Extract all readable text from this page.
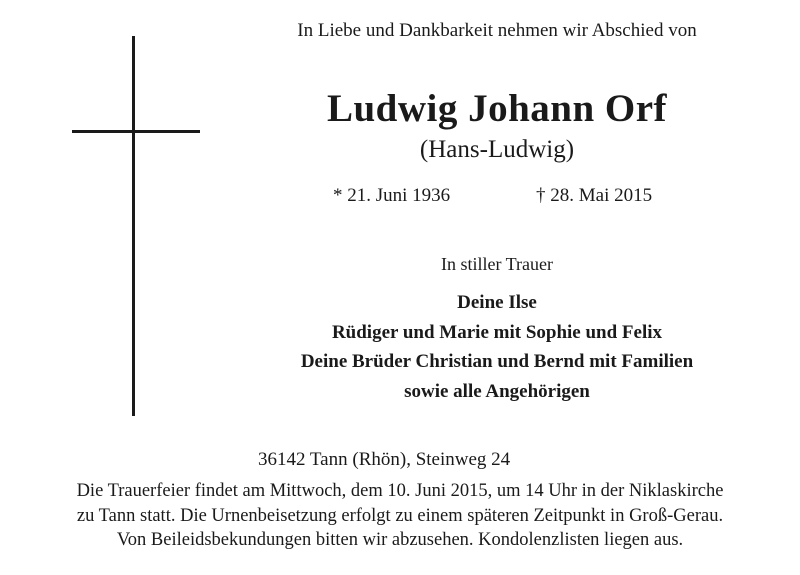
In Liebe und Dankbarkeit nehmen wir Abschied von
Ludwig Johann Orf
(Hans-Ludwig)
* 21. Juni 1936	† 28. Mai 2015
In stiller Trauer
Deine Ilse
Rüdiger und Marie mit Sophie und Felix
Deine Brüder Christian und Bernd mit Familien
sowie alle Angehörigen
36142 Tann (Rhön), Steinweg 24
Die Trauerfeier findet am Mittwoch, dem 10. Juni 2015, um 14 Uhr in der Niklaskirche
zu Tann statt. Die Urnenbeisetzung erfolgt zu einem späteren Zeitpunkt in Groß-Gerau.
Von Beileidsbekundungen bitten wir abzusehen. Kondolenzlisten liegen aus.
